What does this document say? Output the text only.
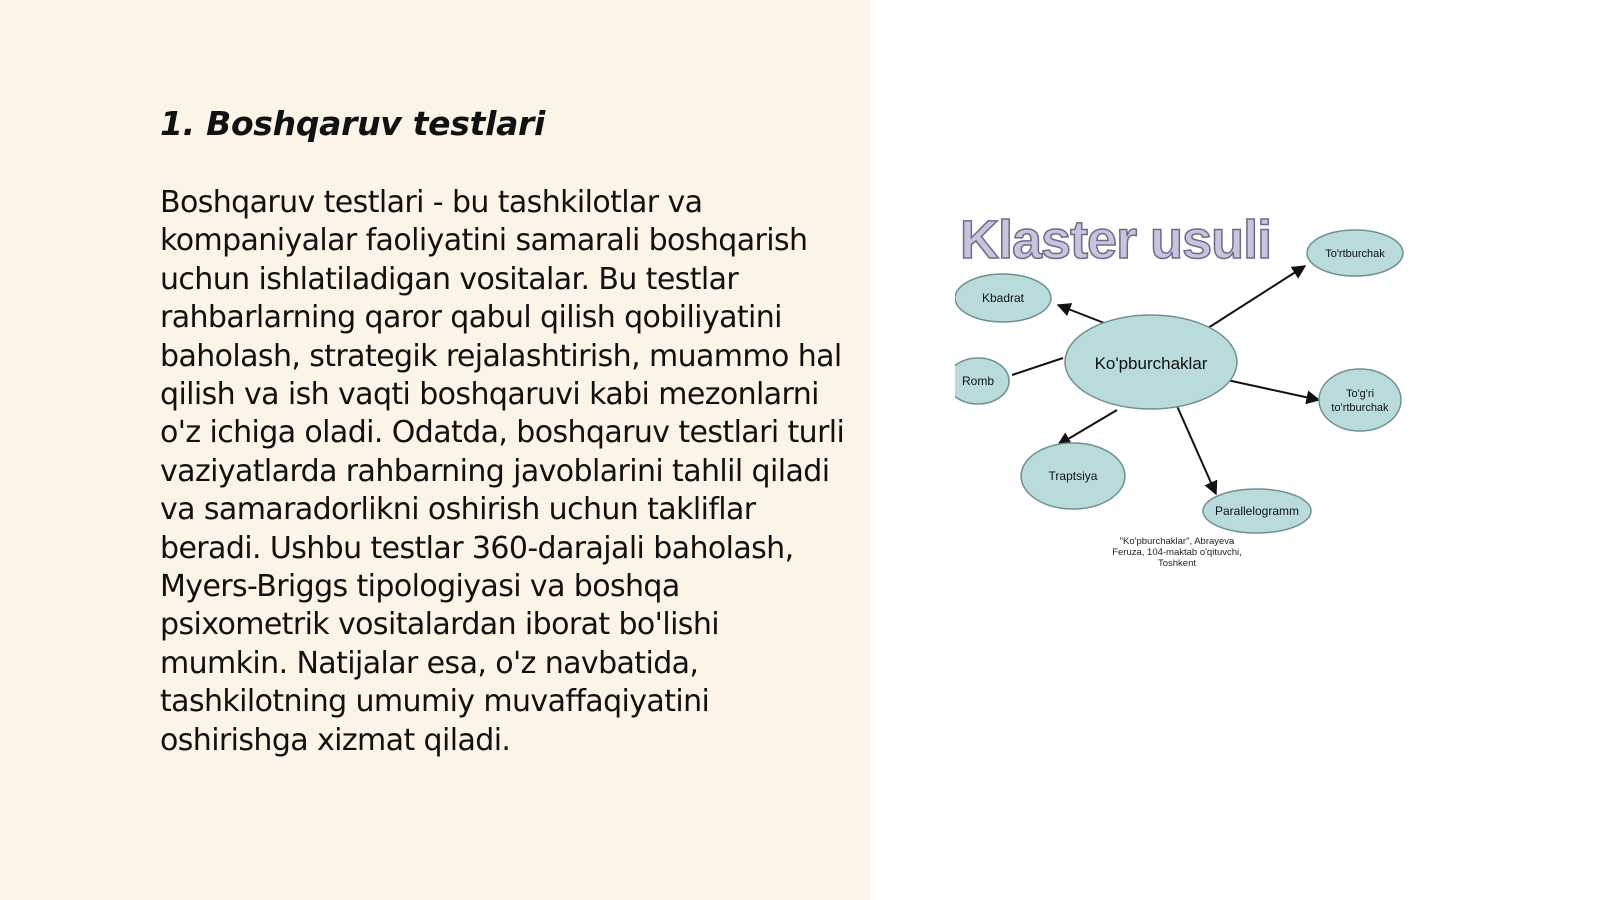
1. Boshqaruv testlari

Boshqaruv testlari - bu tashkilotlar va kompaniyalar faoliyatini samarali boshqarish uchun ishlatiladigan vositalar. Bu testlar rahbarlarning qaror qabul qilish qobiliyatini baholash, strategik rejalashtirish, muammo hal qilish va ish vaqti boshqaruvi kabi mezonlarni o'z ichiga oladi. Odatda, boshqaruv testlari turli vaziyatlarda rahbarning javoblarini tahlil qiladi va samaradorlikni oshirish uchun takliflar beradi. Ushbu testlar 360-darajali baholash, Myers-Briggs tipologiyasi va boshqa psixometrik vositalardan iborat bo'lishi mumkin. Natijalar esa, o'z navbatida, tashkilotning umumiy muvaffaqiyatini oshirishga xizmat qiladi.

Klaster usuli
Ko'pburchaklar
Kbadrat
Romb
Traptsiya
Parallelogramm
To'g'ri
to'rtburchak
To'rtburchak
"Ko'pburchaklar", Abrayeva
Feruza, 104-maktab o'qituvchi,
Toshkent
